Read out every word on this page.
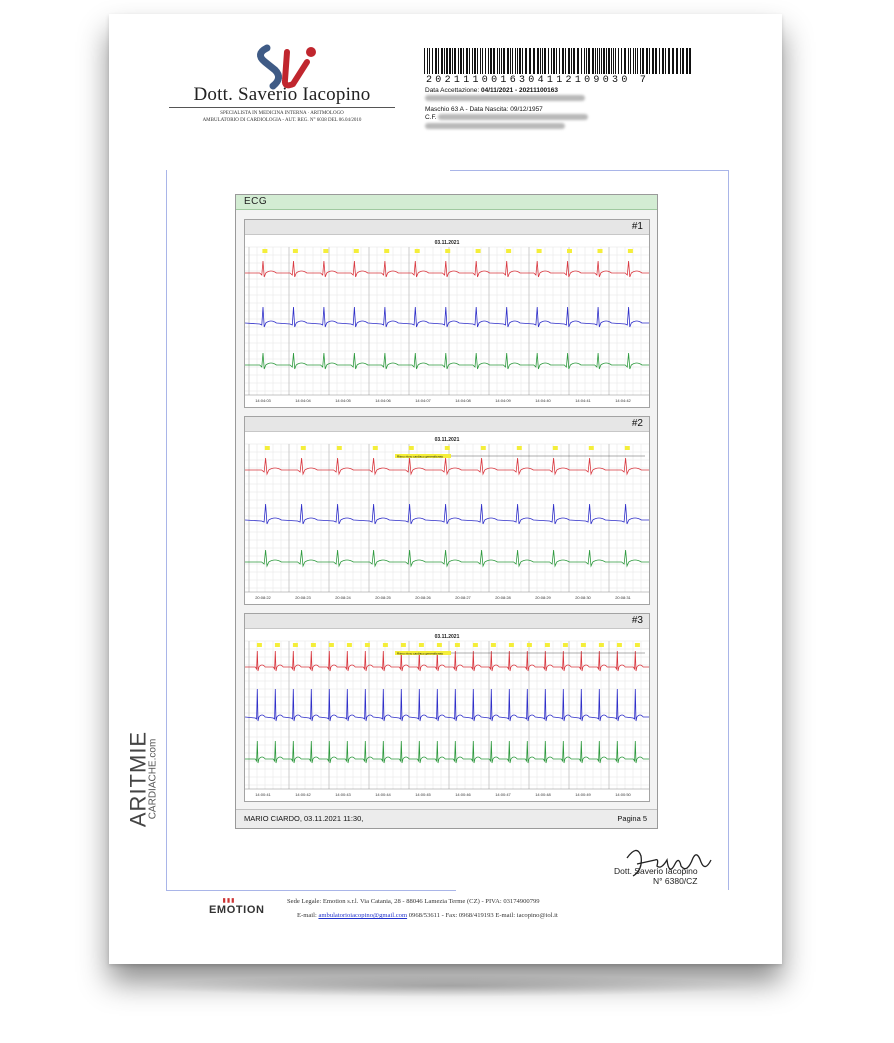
Dott. Saverio Iacopino
SPECIALISTA IN MEDICINA INTERNA · ARITMOLOGO
AMBULATORIO DI CARDIOLOGIA - AUT. REG. N° 6038 DEL 06.04/2010
2021110016304112109030 7
Data Accettazione: 04/11/2021 - 20211100163
Maschio 63 A - Data Nascita: 09/12/1957
C.F.
ARITMIE
CARDIACHE.com
ECG
#1
03.11.2021
14:04:03	14:04:04	14:04:05	14:04:06	14:04:07	14:04:08	14:04:09	14:04:40	14:04:41	14:04:42
#2
03.11.2021
Ritmo ritmo cardiaco generalizzato
20:08:22	20:08:23	20:08:24	20:08:25	20:08:26	20:08:27	20:08:28	20:08:29	20:08:30	20:08:31
#3
03.11.2021
Ritmo ritmo cardiaco generalizzato
14:00:41	14:00:42	14:00:43	14:00:44	14:00:45	14:00:46	14:00:47	14:00:48	14:00:49	14:00:50
MARIO CIARDO, 03.11.2021 11:30,	Pagina 5
Dott. Saverio Iacopino
N° 6380/CZ
▮▮▮
EMOTION
Sede Legale: Emotion s.r.l. Via Catania, 28 - 88046 Lamezia Terme (CZ) - PIVA: 03174900799
E-mail: ambulatorioiacopino@gmail.com 0968/53611 - Fax: 0968/419193 E-mail: iacopino@iol.it
